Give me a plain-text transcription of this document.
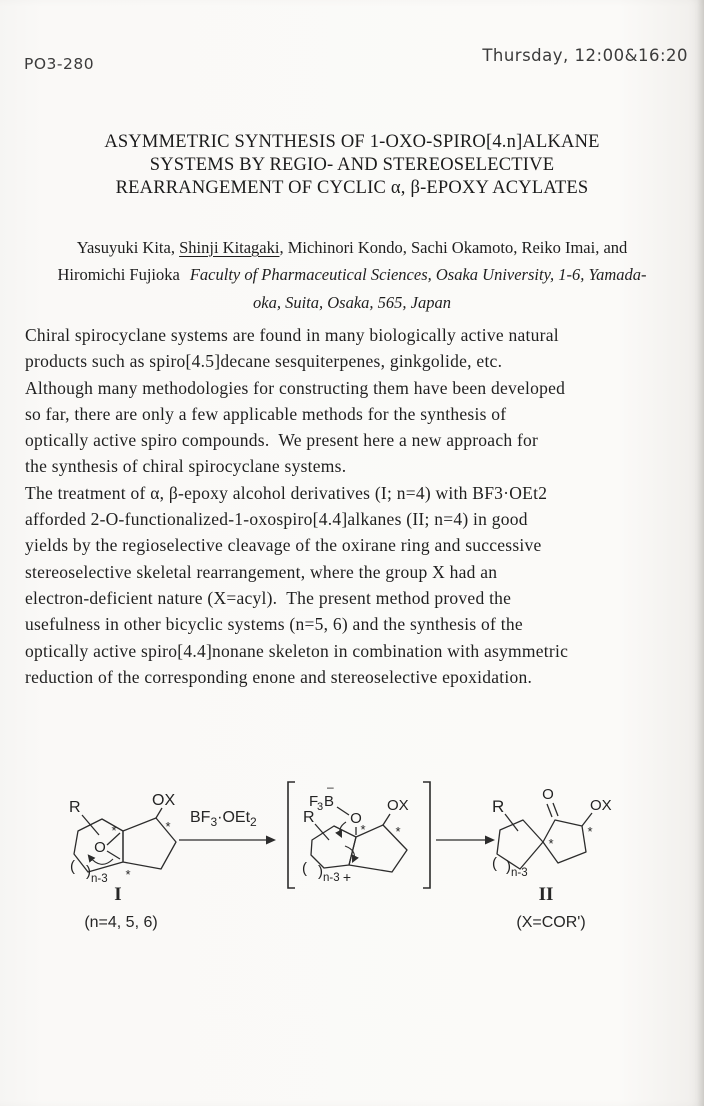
PO3-280	Thursday, 12:00&16:20
ASYMMETRIC SYNTHESIS OF 1-OXO-SPIRO[4.n]ALKANE
SYSTEMS BY REGIO- AND STEREOSELECTIVE
REARRANGEMENT OF CYCLIC α, β-EPOXY ACYLATES
Yasuyuki Kita, Shinji Kitagaki, Michinori Kondo, Sachi Okamoto, Reiko Imai, and
Hiromichi Fujioka Faculty of Pharmaceutical Sciences, Osaka University, 1-6, Yamada-
oka, Suita, Osaka, 565, Japan
Chiral spirocyclane systems are found in many biologically active natural
products such as spiro[4.5]decane sesquiterpenes, ginkgolide, etc.
Although many methodologies for constructing them have been developed
so far, there are only a few applicable methods for the synthesis of
optically active spiro compounds.  We present here a new approach for
the synthesis of chiral spirocyclane systems.
The treatment of α, β-epoxy alcohol derivatives (I; n=4) with BF3·OEt2
afforded 2-O-functionalized-1-oxospiro[4.4]alkanes (II; n=4) in good
yields by the regioselective cleavage of the oxirane ring and successive
stereoselective skeletal rearrangement, where the group X had an
electron-deficient nature (X=acyl).  The present method proved the
usefulness in other bicyclic systems (n=5, 6) and the synthesis of the
optically active spiro[4.4]nonane skeleton in combination with asymmetric
reduction of the corresponding enone and stereoselective epoxidation.
R
O
OX
*	*
*
( ) n-3
I
(n=4, 5, 6)
$BF_3\cdot OEt_2$
F
3 B
–
O
R
OX
* *
+
( ) n-3
R
O
OX
*
*
( ) n-3
II
(X=COR')
